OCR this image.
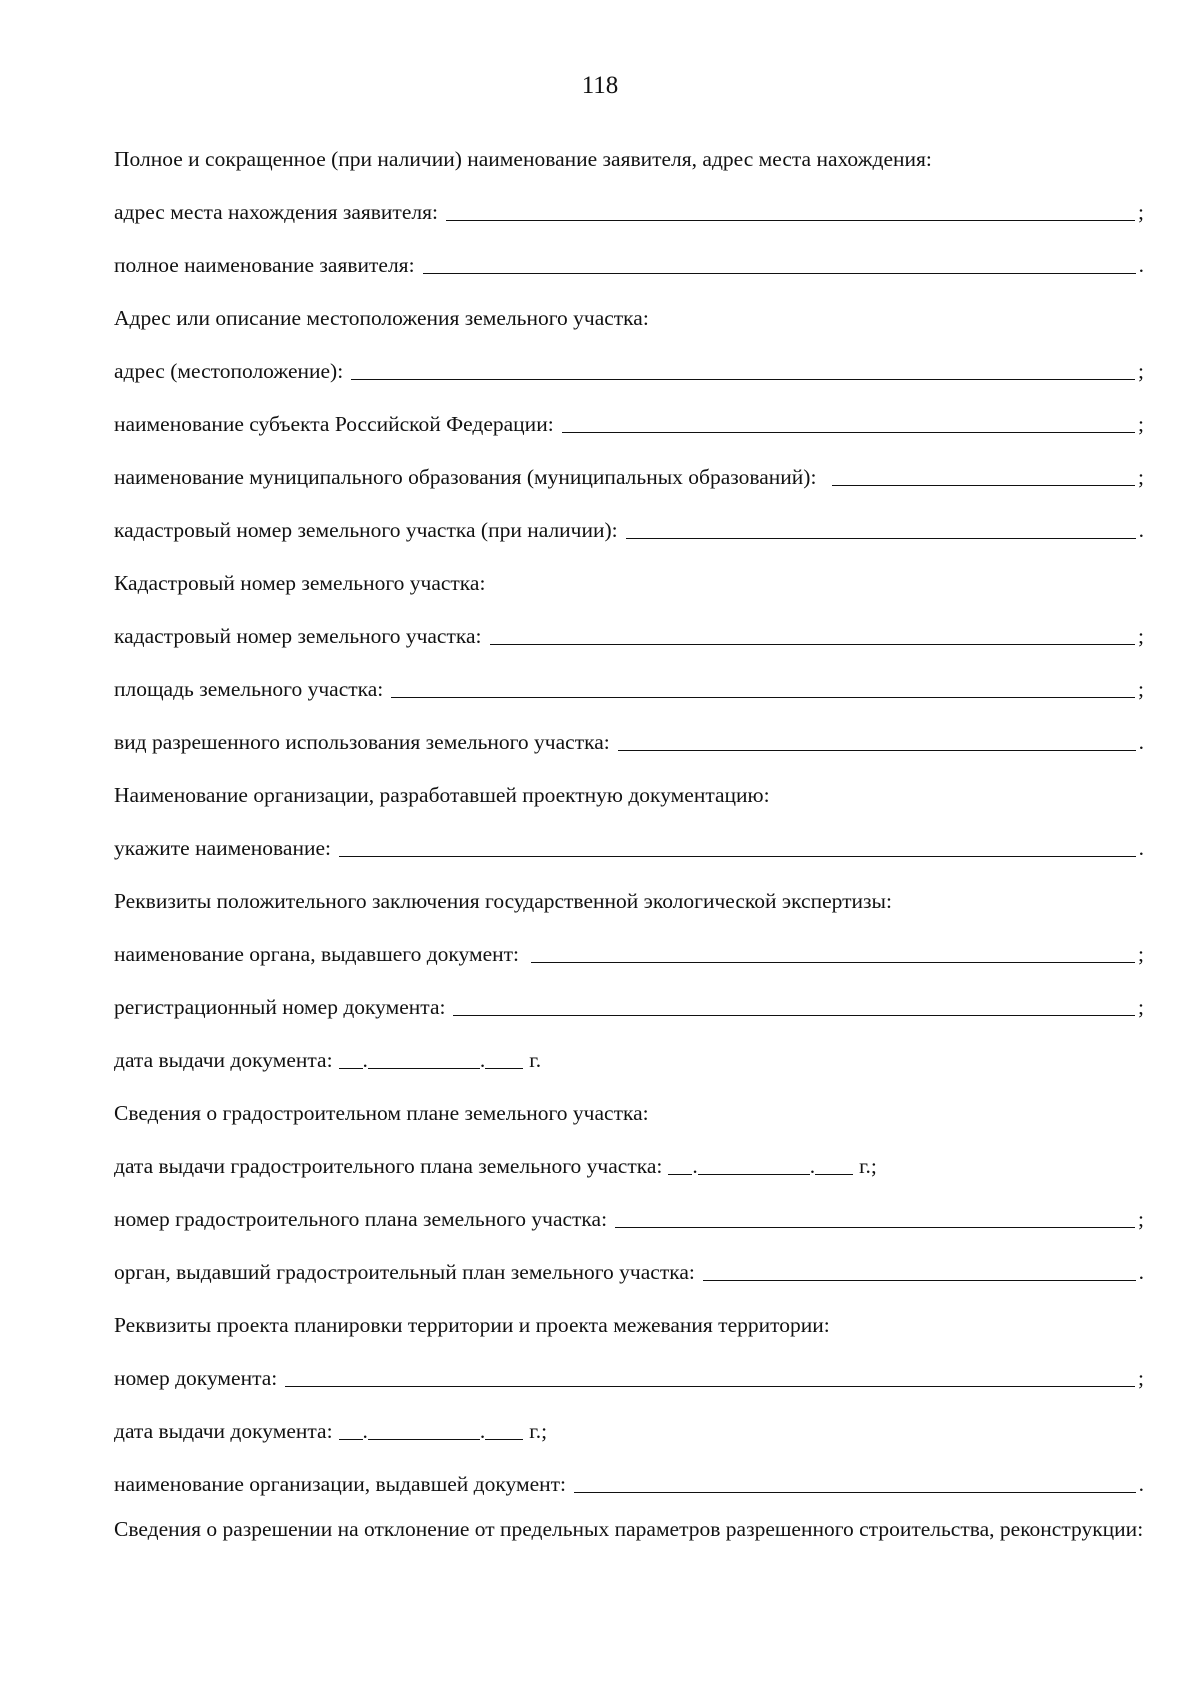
118
Полное и сокращенное (при наличии) наименование заявителя, адрес места нахождения:
адрес места нахождения заявителя:	;
полное наименование заявителя:	.
Адрес или описание местоположения земельного участка:
адрес (местоположение):	;
наименование субъекта Российской Федерации:	;
наименование муниципального образования (муниципальных образований):	;
кадастровый номер земельного участка (при наличии):	.
Кадастровый номер земельного участка:
кадастровый номер земельного участка:	;
площадь земельного участка:	;
вид разрешенного использования земельного участка:	.
Наименование организации, разработавшей проектную документацию:
укажите наименование:	.
Реквизиты положительного заключения государственной экологической экспертизы:
наименование органа, выдавшего документ:	;
регистрационный номер документа:	;
дата выдачи документа: .	. г.
Сведения о градостроительном плане земельного участка:
дата выдачи градостроительного плана земельного участка: .	. г.;
номер градостроительного плана земельного участка:	;
орган, выдавший градостроительный план земельного участка:	.
Реквизиты проекта планировки территории и проекта межевания территории:
номер документа:	;
дата выдачи документа: .	. г.;
наименование организации, выдавшей документ:	.
Сведения о разрешении на отклонение от предельных параметров разрешенного строительства, реконструкции:
